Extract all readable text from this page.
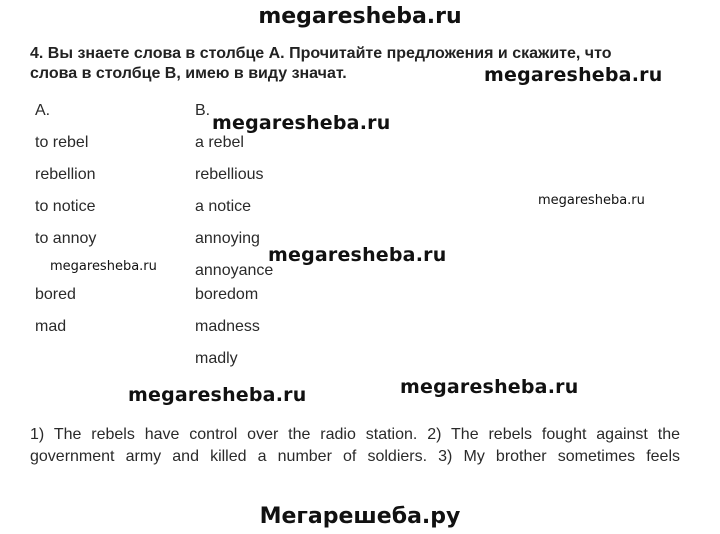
megaresheba.ru
4. Вы знаете слова в столбце А. Прочитайте предложения и скажите, что
слова в столбце В, имею в виду значат.	megaresheba.ru
A.	B.
megaresheba.ru
to rebel
rebellion
to notice
to annoy
bored
mad
a rebel
rebellious
a notice
annoying
annoyance
boredom
madness
madly
megaresheba.ru
megaresheba.ru
megaresheba.ru
megaresheba.ru
megaresheba.ru
1) The rebels have control over the radio station. 2) The rebels fought against the
government army and killed a number of soldiers. 3) My brother sometimes feels
Мегарешеба.ру
